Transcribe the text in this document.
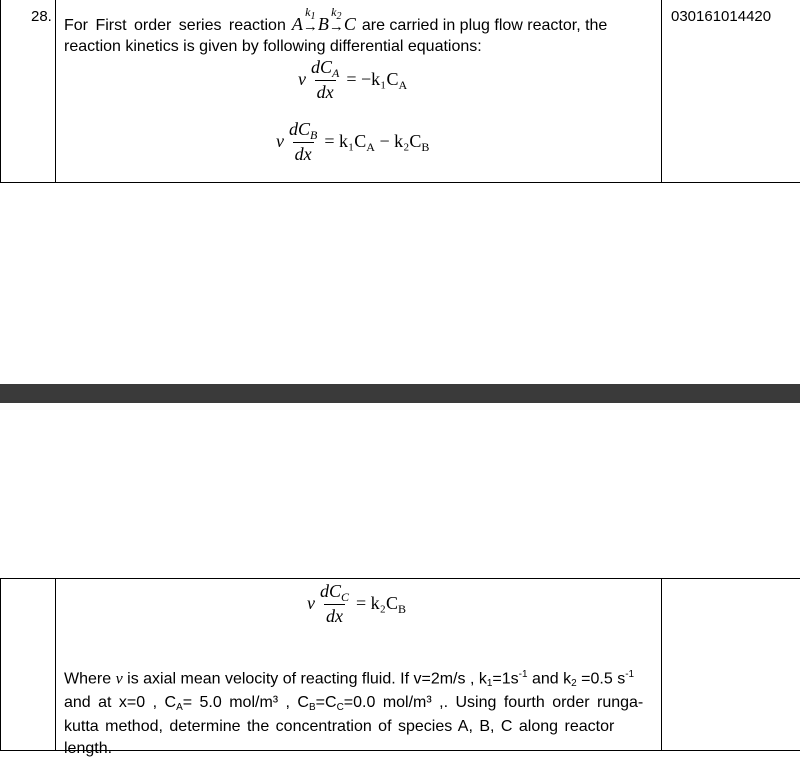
28.	030161014420
For First order series reaction A
$k_1$
→ B
$k_2$
→ C are carried in plug flow reactor, the
reaction kinetics is given by following differential equations:
v $\frac{dC_A}{dx} = -k_1C_A$
v $\frac{dC_B}{dx} = k_1C_A - k_2C_B$
v $\frac{dC_C}{dx} = k_2C_B$
Where v is axial mean velocity of reacting fluid. If v=2m/s , $k1=1s^{-1}$ and k2 =0.5 $s^{-1}$
and at x=0 , CA= 5.0 mol/m³ , CB=CC=0.0 mol/m³ ,. Using fourth order runga-
kutta method, determine the concentration of species A, B, C along reactor
length.
